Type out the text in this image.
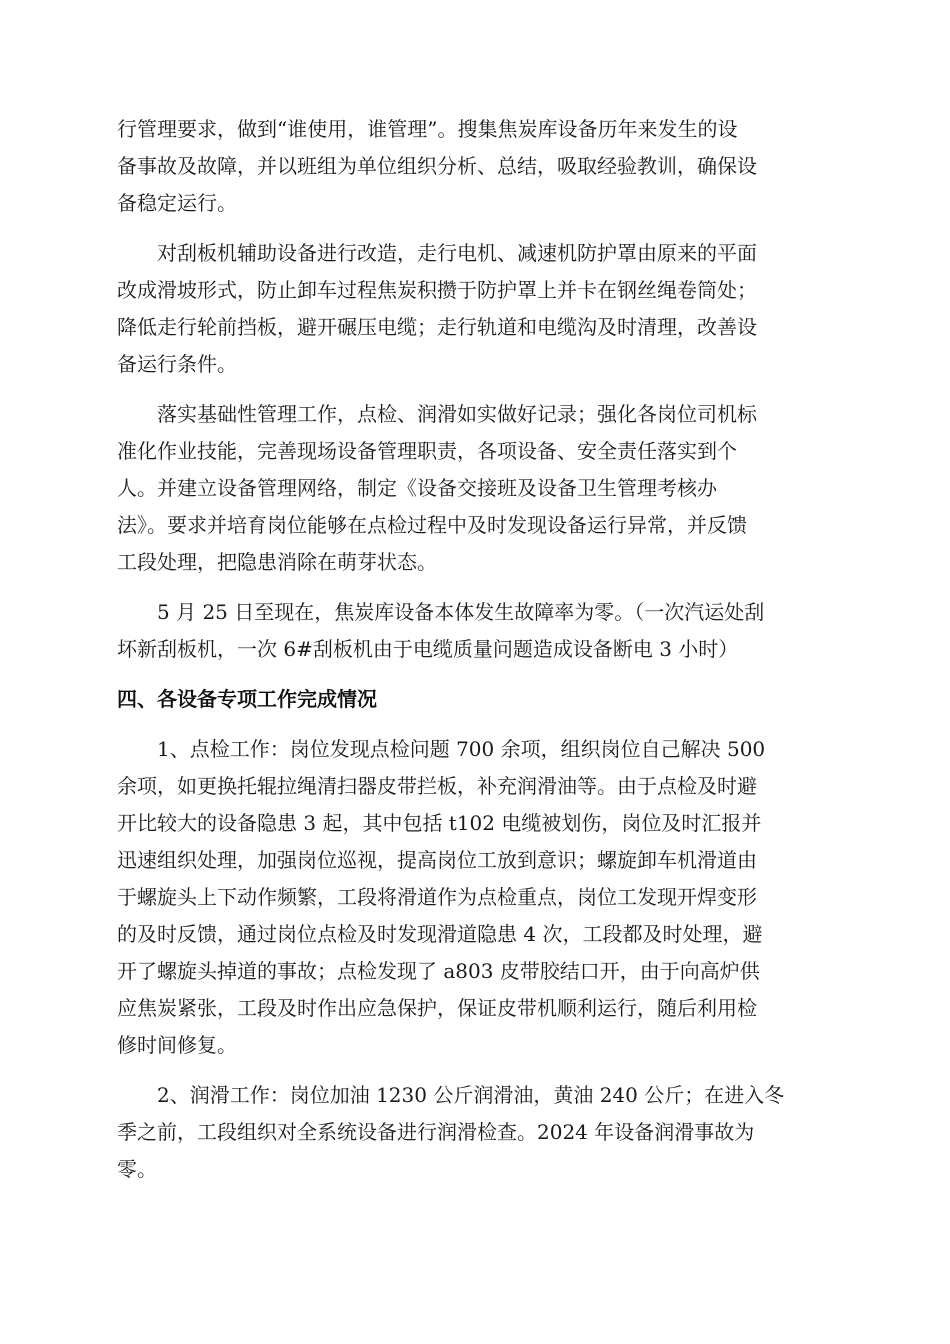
行管理要求，做到“谁使用，谁管理”。搜集焦炭库设备历年来发生的设
备事故及故障，并以班组为单位组织分析、总结，吸取经验教训，确保设
备稳定运行。
　　对刮板机辅助设备进行改造，走行电机、减速机防护罩由原来的平面
改成滑坡形式，防止卸车过程焦炭积攒于防护罩上并卡在钢丝绳卷筒处；
降低走行轮前挡板，避开碾压电缆；走行轨道和电缆沟及时清理，改善设
备运行条件。
　　落实基础性管理工作，点检、润滑如实做好记录；强化各岗位司机标
准化作业技能，完善现场设备管理职责，各项设备、安全责任落实到个
人。并建立设备管理网络，制定《设备交接班及设备卫生管理考核办
法》。要求并培育岗位能够在点检过程中及时发现设备运行异常，并反馈
工段处理，把隐患消除在萌芽状态。
　　5 月 25 日至现在，焦炭库设备本体发生故障率为零。（一次汽运处刮
坏新刮板机，一次 6#刮板机由于电缆质量问题造成设备断电 3 小时）
四、各设备专项工作完成情况
　　1、点检工作：岗位发现点检问题 700 余项，组织岗位自己解决 500
余项，如更换托辊拉绳清扫器皮带拦板，补充润滑油等。由于点检及时避
开比较大的设备隐患 3 起，其中包括 t102 电缆被划伤，岗位及时汇报并
迅速组织处理，加强岗位巡视，提高岗位工放到意识；螺旋卸车机滑道由
于螺旋头上下动作频繁，工段将滑道作为点检重点，岗位工发现开焊变形
的及时反馈，通过岗位点检及时发现滑道隐患 4 次，工段都及时处理，避
开了螺旋头掉道的事故；点检发现了 a803 皮带胶结口开，由于向高炉供
应焦炭紧张，工段及时作出应急保护，保证皮带机顺利运行，随后利用检
修时间修复。
　　2、润滑工作：岗位加油 1230 公斤润滑油，黄油 240 公斤；在进入冬
季之前，工段组织对全系统设备进行润滑检查。2024 年设备润滑事故为
零。
